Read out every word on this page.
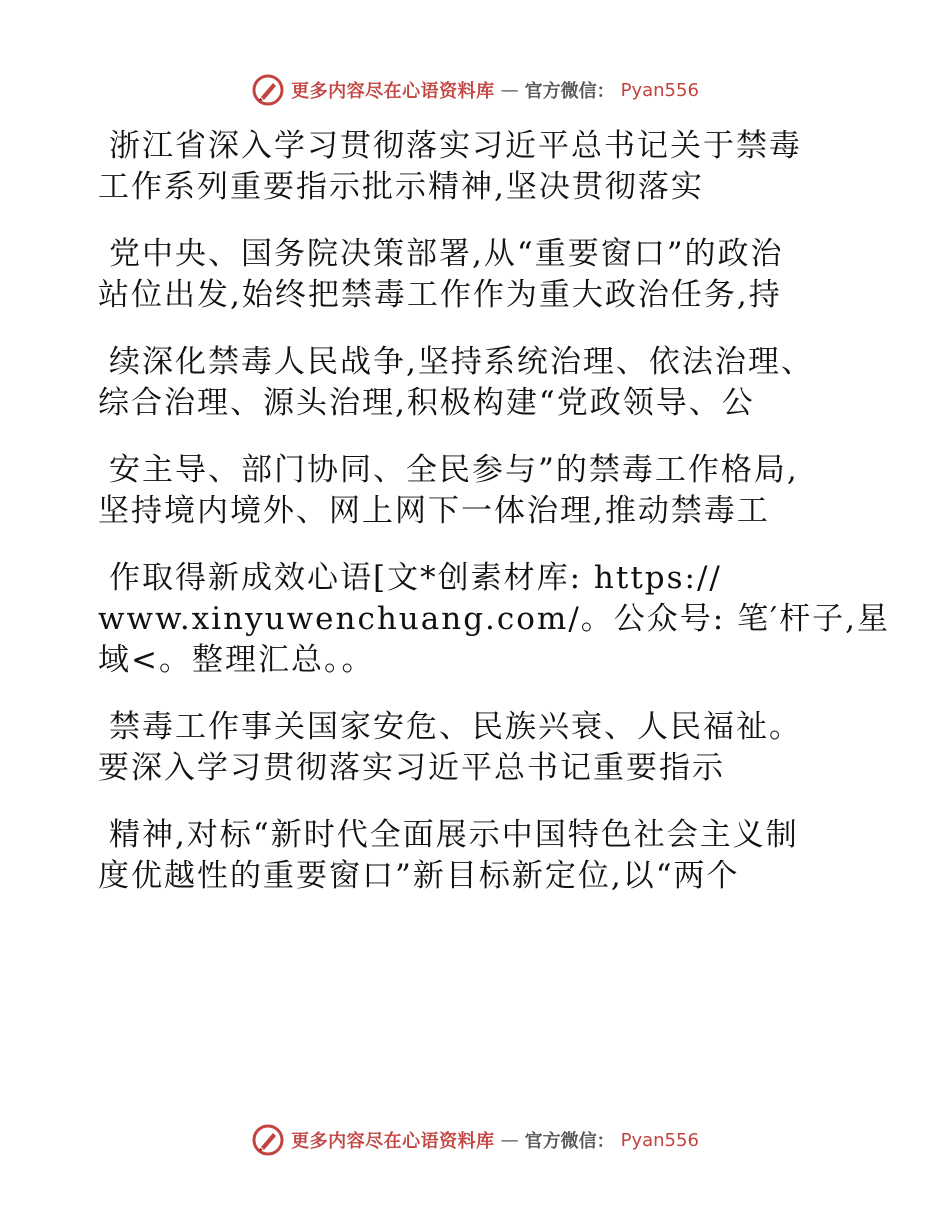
更多内容尽在心语资料库 — 官方微信： Pyan556
浙江省深入学习贯彻落实习近平总书记关于禁毒
工作系列重要指示批示精神,坚决贯彻落实
党中央、国务院决策部署,从“重要窗口”的政治
站位出发,始终把禁毒工作作为重大政治任务,持
续深化禁毒人民战争,坚持系统治理、依法治理、
综合治理、源头治理,积极构建“党政领导、公
安主导、部门协同、全民参与”的禁毒工作格局,
坚持境内境外、网上网下一体治理,推动禁毒工
作取得新成效心语[文*创素材库: https://
www.xinyuwenchuang.com/。公众号: 笔′杆子,星
域<。整理汇总。。
禁毒工作事关国家安危、民族兴衰、人民福祉。
要深入学习贯彻落实习近平总书记重要指示
精神,对标“新时代全面展示中国特色社会主义制
度优越性的重要窗口”新目标新定位,以“两个
更多内容尽在心语资料库 — 官方微信： Pyan556
